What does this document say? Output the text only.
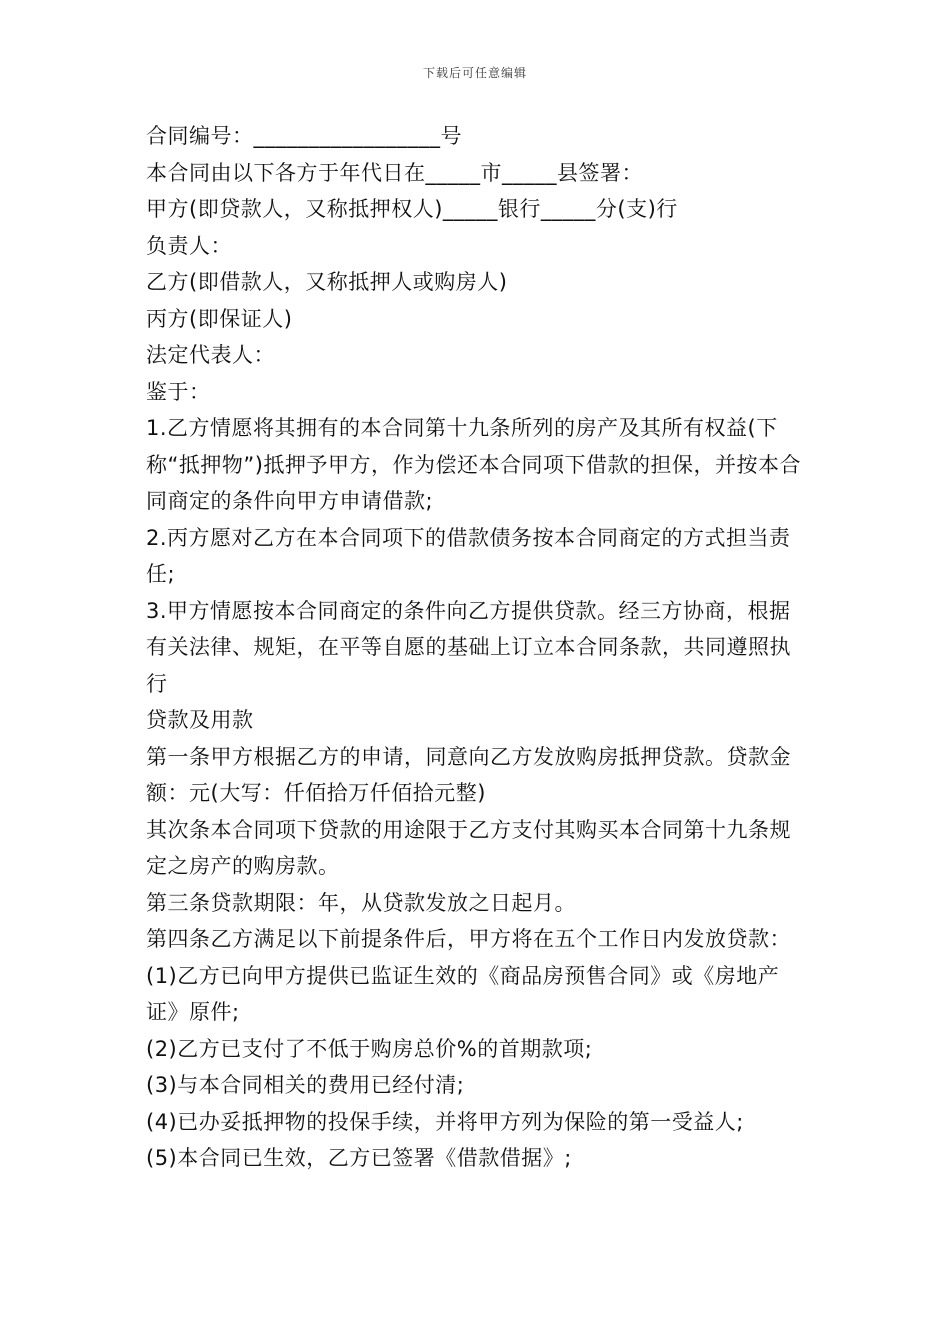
下载后可任意编辑

合同编号：_________________号

本合同由以下各方于年代日在_____市_____县签署：

甲方(即贷款人，又称抵押权人)_____银行_____分(支)行

负责人：

乙方(即借款人，又称抵押人或购房人)

丙方(即保证人)

法定代表人：

鉴于：

1.乙方情愿将其拥有的本合同第十九条所列的房产及其所有权益(下称“抵押物”)抵押予甲方，作为偿还本合同项下借款的担保，并按本合同商定的条件向甲方申请借款;

2.丙方愿对乙方在本合同项下的借款债务按本合同商定的方式担当责任;

3.甲方情愿按本合同商定的条件向乙方提供贷款。经三方协商，根据有关法律、规矩，在平等自愿的基础上订立本合同条款，共同遵照执行

贷款及用款

第一条甲方根据乙方的申请，同意向乙方发放购房抵押贷款。贷款金额：元(大写：仟佰拾万仟佰拾元整)

其次条本合同项下贷款的用途限于乙方支付其购买本合同第十九条规定之房产的购房款。

第三条贷款期限：年，从贷款发放之日起月。

第四条乙方满足以下前提条件后，甲方将在五个工作日内发放贷款：

(1)乙方已向甲方提供已监证生效的《商品房预售合同》或《房地产证》原件;

(2)乙方已支付了不低于购房总价%的首期款项;

(3)与本合同相关的费用已经付清;

(4)已办妥抵押物的投保手续，并将甲方列为保险的第一受益人;

(5)本合同已生效，乙方已签署《借款借据》;
